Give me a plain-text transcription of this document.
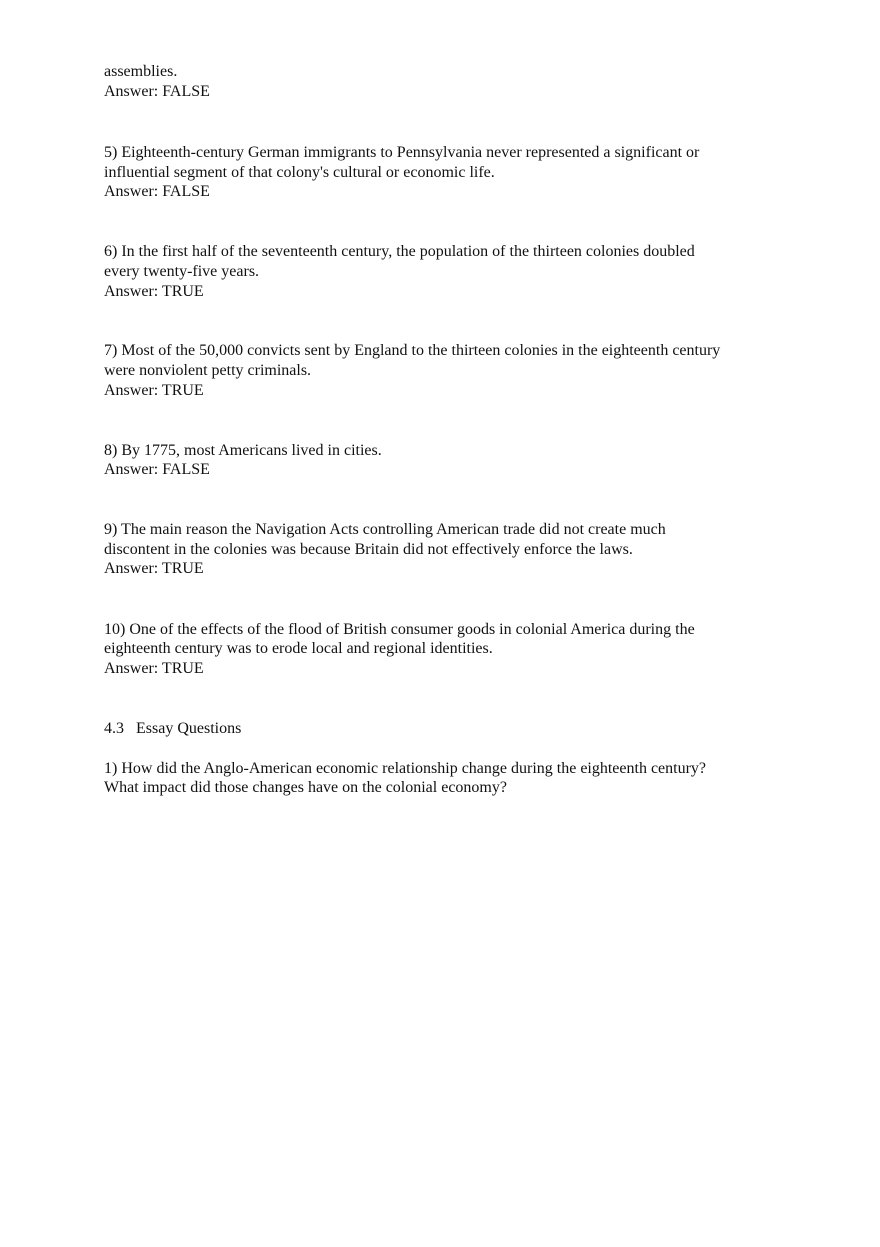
assemblies.

Answer: FALSE

5) Eighteenth-century German immigrants to Pennsylvania never represented a significant or

influential segment of that colony's cultural or economic life.

Answer: FALSE

6) In the first half of the seventeenth century, the population of the thirteen colonies doubled

every twenty-five years.

Answer: TRUE

7) Most of the 50,000 convicts sent by England to the thirteen colonies in the eighteenth century

were nonviolent petty criminals.

Answer: TRUE

8) By 1775, most Americans lived in cities.

Answer: FALSE

9) The main reason the Navigation Acts controlling American trade did not create much

discontent in the colonies was because Britain did not effectively enforce the laws.

Answer: TRUE

10) One of the effects of the flood of British consumer goods in colonial America during the

eighteenth century was to erode local and regional identities.

Answer: TRUE

4.3   Essay Questions

1) How did the Anglo-American economic relationship change during the eighteenth century?

What impact did those changes have on the colonial economy?
